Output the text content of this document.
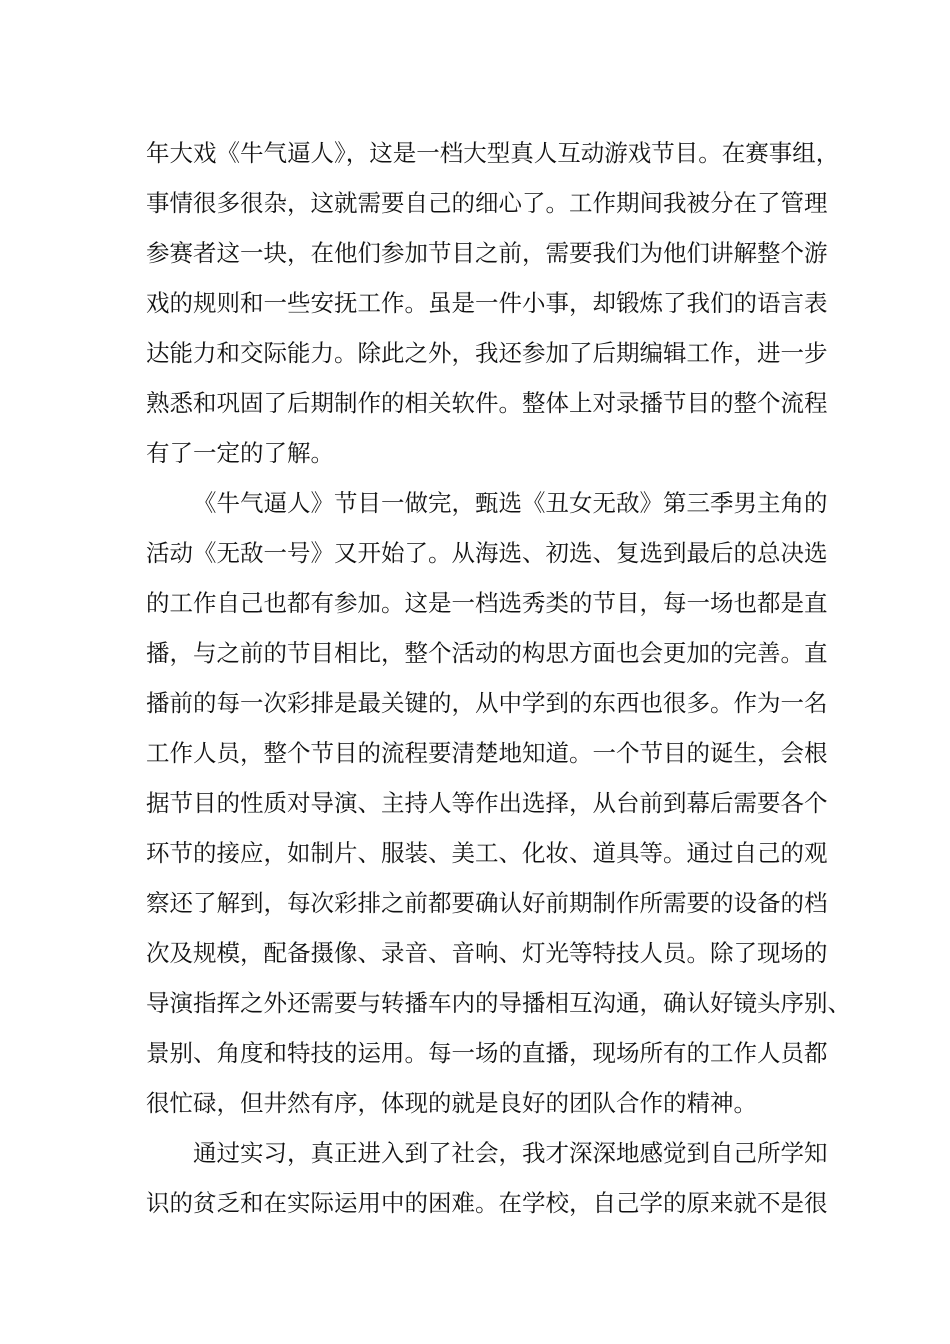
年大戏《牛气逼人》，这是一档大型真人互动游戏节目。在赛事组，
事情很多很杂，这就需要自己的细心了。工作期间我被分在了管理
参赛者这一块，在他们参加节目之前，需要我们为他们讲解整个游
戏的规则和一些安抚工作。虽是一件小事，却锻炼了我们的语言表
达能力和交际能力。除此之外，我还参加了后期编辑工作，进一步
熟悉和巩固了后期制作的相关软件。整体上对录播节目的整个流程
有了一定的了解。
《牛气逼人》节目一做完，甄选《丑女无敌》第三季男主角的
活动《无敌一号》又开始了。从海选、初选、复选到最后的总决选
的工作自己也都有参加。这是一档选秀类的节目，每一场也都是直
播，与之前的节目相比，整个活动的构思方面也会更加的完善。直
播前的每一次彩排是最关键的，从中学到的东西也很多。作为一名
工作人员，整个节目的流程要清楚地知道。一个节目的诞生，会根
据节目的性质对导演、主持人等作出选择，从台前到幕后需要各个
环节的接应，如制片、服装、美工、化妆、道具等。通过自己的观
察还了解到，每次彩排之前都要确认好前期制作所需要的设备的档
次及规模，配备摄像、录音、音响、灯光等特技人员。除了现场的
导演指挥之外还需要与转播车内的导播相互沟通，确认好镜头序别、
景别、角度和特技的运用。每一场的直播，现场所有的工作人员都
很忙碌，但井然有序，体现的就是良好的团队合作的精神。
通过实习，真正进入到了社会，我才深深地感觉到自己所学知
识的贫乏和在实际运用中的困难。在学校，自己学的原来就不是很
